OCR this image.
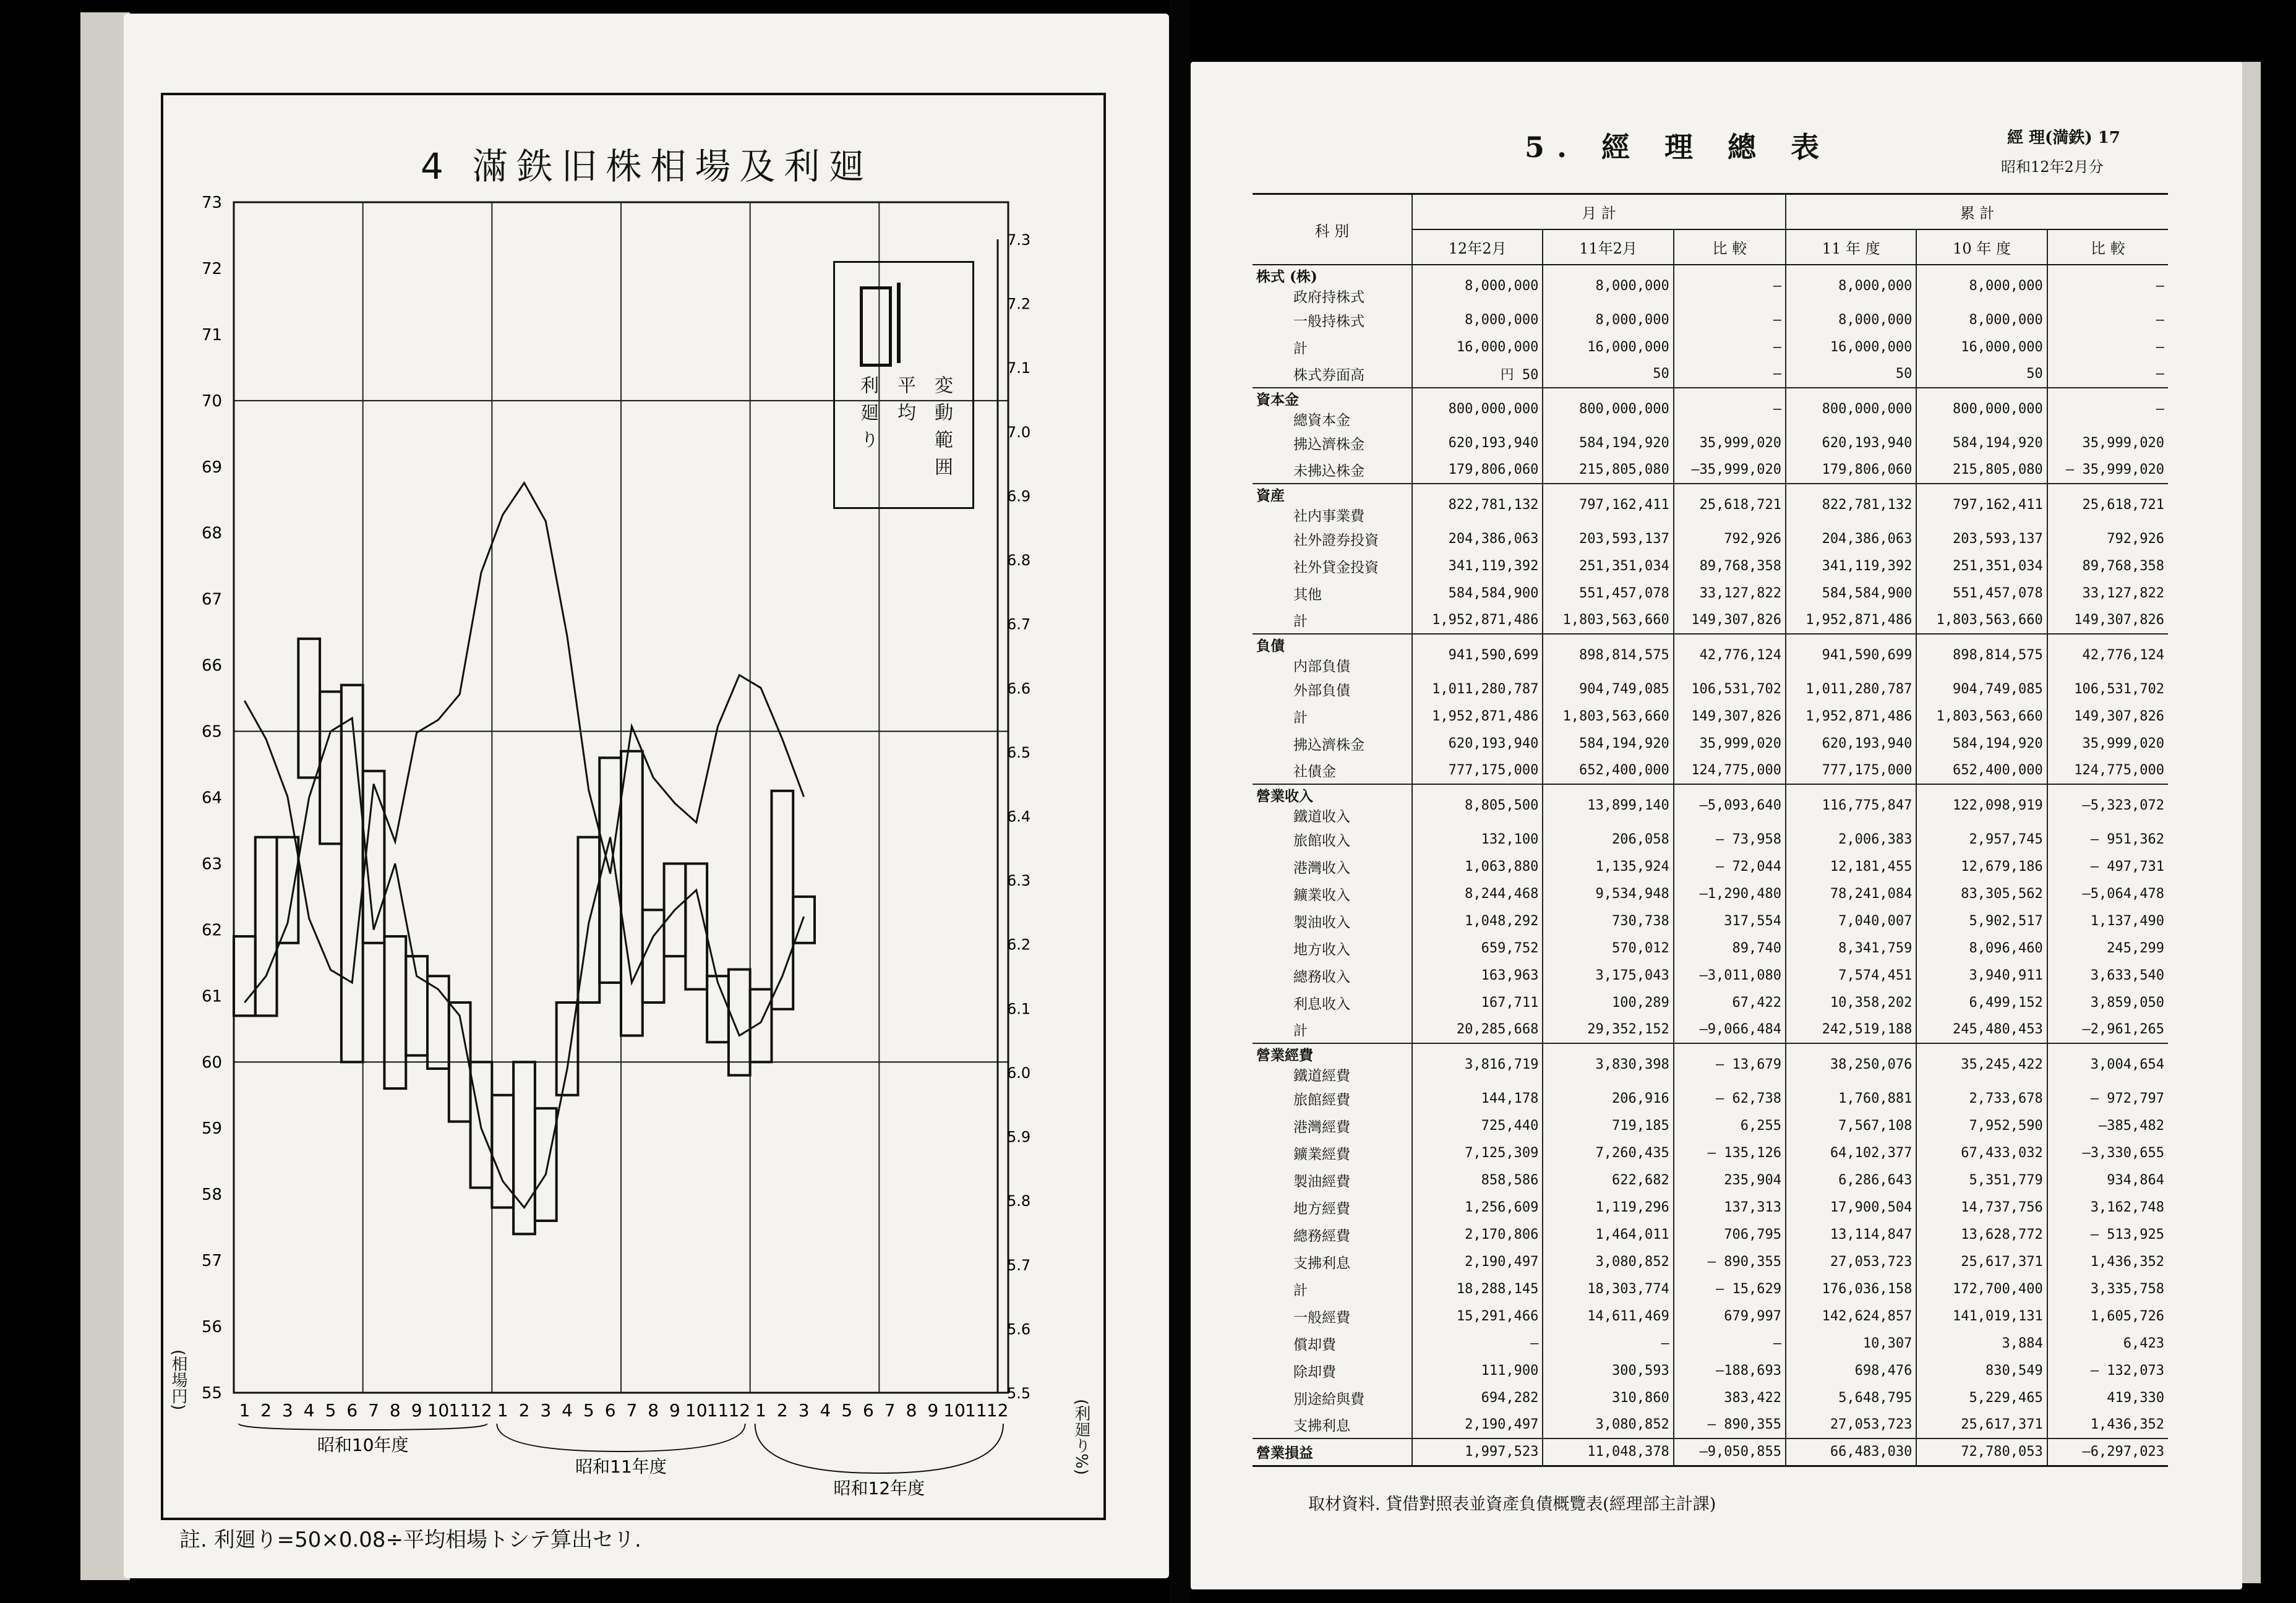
4 滿鉄旧株相場及利廻
73
72
71
70
69
68
67
66
65
64
63
62
61
60
59
58
57
56
55
7.3
7.2
7.1
7.0
6.9
6.8
6.7
6.6
6.5
6.4
6.3
6.2
6.1
6.0
5.9
5.8
5.7
5.6
5.5
1 2 3 4 5 6 7 8 9 10 11 12 1 2 3 4 5 6 7 8 9 10 11 12 1 2 3 4 5 6 7 8 9 10 11 12
昭和10年度
昭和11年度
昭和12年度
利廻り 平均 変動範囲
(相場円)
(利廻り%)
註. 利廻り=50×0.08÷平均相場トシテ算出セリ.
5. 經 理 總 表	經 理(満鉄) 17
昭和12年2月分
科 別	月 計			累 計		
	12年2月	11年2月	比 較	11 年 度	10 年 度	比 較
株式 (株)
政府持株式	8,000,000	8,000,000	—	8,000,000	8,000,000	—
一般持株式	8,000,000	8,000,000	—	8,000,000	8,000,000	—
計	16,000,000	16,000,000	—	16,000,000	16,000,000	—
株式券面高	円 50	50	—	50	50	—
資本金
總資本金	800,000,000	800,000,000	—	800,000,000	800,000,000	—
拂込濟株金	620,193,940	584,194,920	35,999,020	620,193,940	584,194,920	35,999,020
未拂込株金	179,806,060	215,805,080	—35,999,020	179,806,060	215,805,080	— 35,999,020
資産
社内事業費	822,781,132	797,162,411	25,618,721	822,781,132	797,162,411	25,618,721
社外證券投資	204,386,063	203,593,137	792,926	204,386,063	203,593,137	792,926
社外貸金投資	341,119,392	251,351,034	89,768,358	341,119,392	251,351,034	89,768,358
其他	584,584,900	551,457,078	33,127,822	584,584,900	551,457,078	33,127,822
計	1,952,871,486	1,803,563,660	149,307,826	1,952,871,486	1,803,563,660	149,307,826
負債
内部負債	941,590,699	898,814,575	42,776,124	941,590,699	898,814,575	42,776,124
外部負債	1,011,280,787	904,749,085	106,531,702	1,011,280,787	904,749,085	106,531,702
計	1,952,871,486	1,803,563,660	149,307,826	1,952,871,486	1,803,563,660	149,307,826
拂込濟株金	620,193,940	584,194,920	35,999,020	620,193,940	584,194,920	35,999,020
社債金	777,175,000	652,400,000	124,775,000	777,175,000	652,400,000	124,775,000
營業收入
鐵道收入	8,805,500	13,899,140	—5,093,640	116,775,847	122,098,919	—5,323,072
旅館收入	132,100	206,058	— 73,958	2,006,383	2,957,745	— 951,362
港灣收入	1,063,880	1,135,924	— 72,044	12,181,455	12,679,186	— 497,731
鑛業收入	8,244,468	9,534,948	—1,290,480	78,241,084	83,305,562	—5,064,478
製油收入	1,048,292	730,738	317,554	7,040,007	5,902,517	1,137,490
地方收入	659,752	570,012	89,740	8,341,759	8,096,460	245,299
總務收入	163,963	3,175,043	—3,011,080	7,574,451	3,940,911	3,633,540
利息收入	167,711	100,289	67,422	10,358,202	6,499,152	3,859,050
計	20,285,668	29,352,152	—9,066,484	242,519,188	245,480,453	—2,961,265
營業經費
鐵道經費	3,816,719	3,830,398	— 13,679	38,250,076	35,245,422	3,004,654
旅館經費	144,178	206,916	— 62,738	1,760,881	2,733,678	— 972,797
港灣經費	725,440	719,185	6,255	7,567,108	7,952,590	—385,482
鑛業經費	7,125,309	7,260,435	— 135,126	64,102,377	67,433,032	—3,330,655
製油經費	858,586	622,682	235,904	6,286,643	5,351,779	934,864
地方經費	1,256,609	1,119,296	137,313	17,900,504	14,737,756	3,162,748
總務經費	2,170,806	1,464,011	706,795	13,114,847	13,628,772	— 513,925
支拂利息	2,190,497	3,080,852	— 890,355	27,053,723	25,617,371	1,436,352
計	18,288,145	18,303,774	— 15,629	176,036,158	172,700,400	3,335,758
一般經費	15,291,466	14,611,469	679,997	142,624,857	141,019,131	1,605,726
償却費	—	—	—	10,307	3,884	6,423
除却費	111,900	300,593	—188,693	698,476	830,549	— 132,073
別途給與費	694,282	310,860	383,422	5,648,795	5,229,465	419,330
支拂利息	2,190,497	3,080,852	— 890,355	27,053,723	25,617,371	1,436,352
營業損益	1,997,523	11,048,378	—9,050,855	66,483,030	72,780,053	—6,297,023
取材資料. 貸借對照表並資產負債概覽表(經理部主計課)
